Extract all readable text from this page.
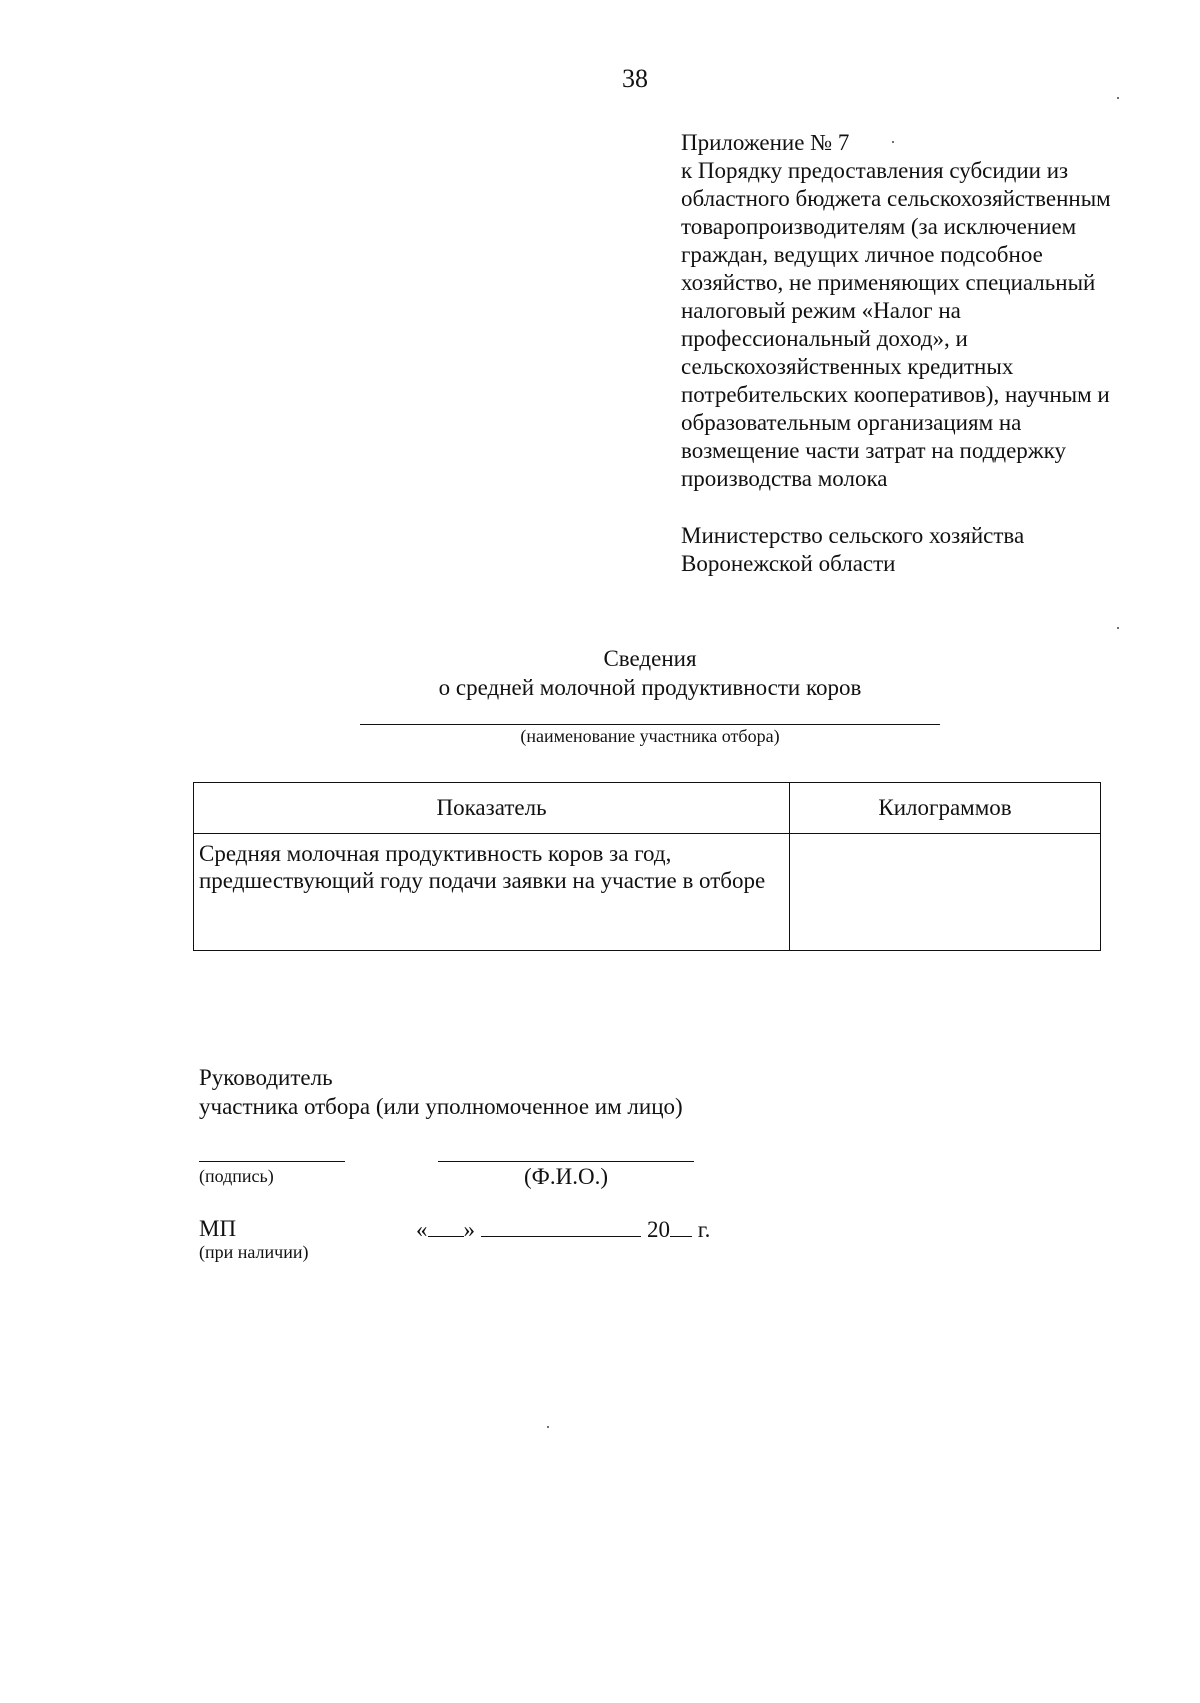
38
Приложение № 7
к Порядку предоставления субсидии из
областного бюджета сельскохозяйственным
товаропроизводителям (за исключением
граждан, ведущих личное подсобное
хозяйство, не применяющих специальный
налоговый режим «Налог на
профессиональный доход», и
сельскохозяйственных кредитных
потребительских кооперативов), научным и
образовательным организациям на
возмещение части затрат на поддержку
производства молока
Министерство сельского хозяйства
Воронежской области
Сведения
о средней молочной продуктивности коров
(наименование участника отбора)
Показатель	Килограммов
Средняя молочная продуктивность коров за год, предшествующий году подачи заявки на участие в отборе	
Руководитель
участника отбора (или уполномоченное им лицо)
(подпись)	(Ф.И.О.)
МП
(при наличии)
« »	20 г.
